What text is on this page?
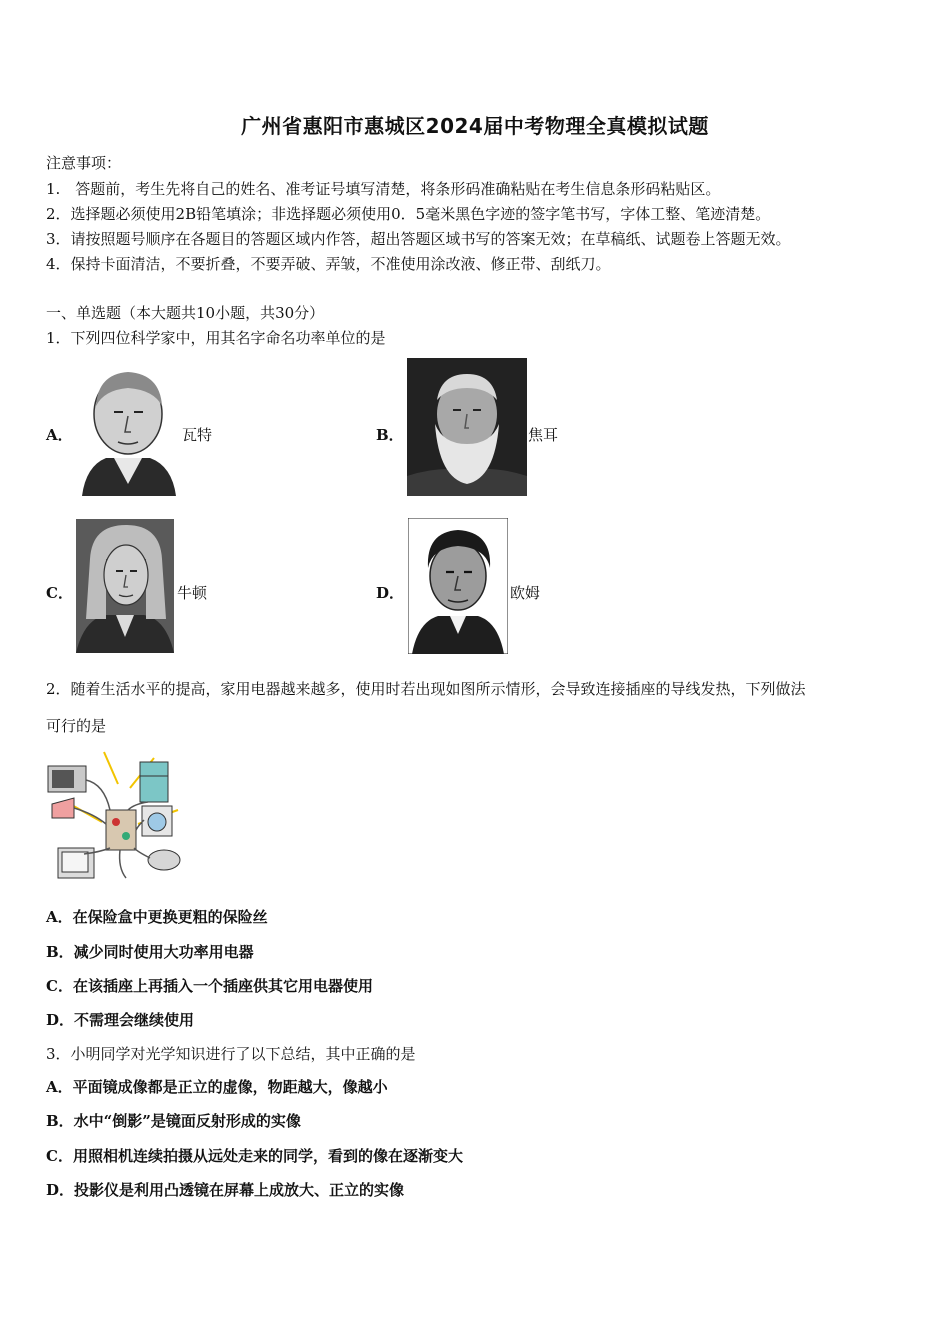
广州省惠阳市惠城区2024届中考物理全真模拟试题
注意事项：
1.　答题前，考生先将自己的姓名、准考证号填写清楚，将条形码准确粘贴在考生信息条形码粘贴区。
2．选择题必须使用2B铅笔填涂；非选择题必须使用0．5毫米黑色字迹的签字笔书写，字体工整、笔迹清楚。
3．请按照题号顺序在各题目的答题区域内作答，超出答题区域书写的答案无效；在草稿纸、试题卷上答题无效。
4．保持卡面清洁，不要折叠，不要弄破、弄皱，不准使用涂改液、修正带、刮纸刀。
一、单选题（本大题共10小题，共30分）
1．下列四位科学家中，用其名字命名功率单位的是
A．	瓦特	B．	焦耳
C．	牛顿	D．	欧姆
2．随着生活水平的提高，家用电器越来越多，使用时若出现如图所示情形，会导致连接插座的导线发热，下列做法
可行的是
A．在保险盒中更换更粗的保险丝
B．减少同时使用大功率用电器
C．在该插座上再插入一个插座供其它用电器使用
D．不需理会继续使用
3．小明同学对光学知识进行了以下总结，其中正确的是
A．平面镜成像都是正立的虚像，物距越大，像越小
B．水中“倒影”是镜面反射形成的实像
C．用照相机连续拍摄从远处走来的同学，看到的像在逐渐变大
D．投影仪是利用凸透镜在屏幕上成放大、正立的实像
